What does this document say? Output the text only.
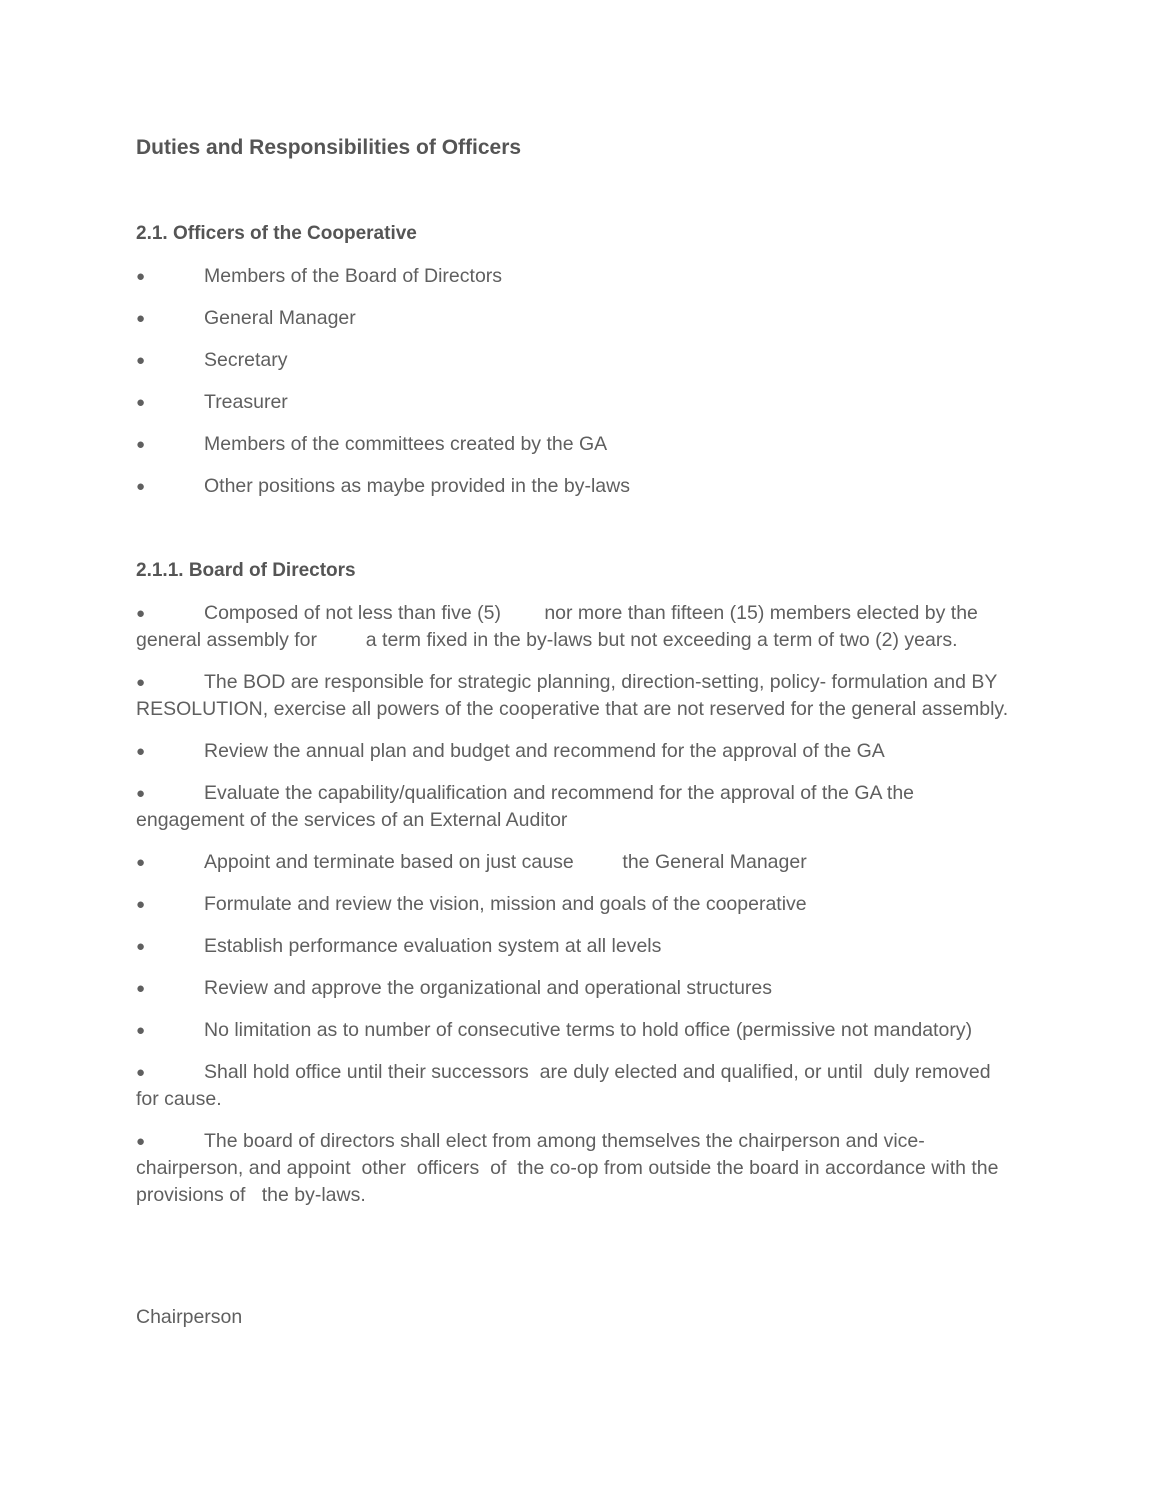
Duties and Responsibilities of Officers
2.1. Officers of the Cooperative
●	Members of the Board of Directors
●	General Manager
●	Secretary
●	Treasurer
●	Members of the committees created by the GA
●	Other positions as maybe provided in the by-laws
2.1.1. Board of Directors
●	Composed of not less than five (5)        nor more than fifteen (15) members elected by the general assembly for         a term fixed in the by-laws but not exceeding a term of two (2) years.
●	The BOD are responsible for strategic planning, direction-setting, policy- formulation and BY RESOLUTION, exercise all powers of the cooperative that are not reserved for the general assembly.
●	Review the annual plan and budget and recommend for the approval of the GA
●	Evaluate the capability/qualification and recommend for the approval of the GA the engagement of the services of an External Auditor
●	Appoint and terminate based on just cause         the General Manager
●	Formulate and review the vision, mission and goals of the cooperative
●	Establish performance evaluation system at all levels
●	Review and approve the organizational and operational structures
●	No limitation as to number of consecutive terms to hold office (permissive not mandatory)
●	Shall hold office until their successors  are duly elected and qualified, or until  duly removed       for cause.
●	The board of directors shall elect from among themselves the chairperson and vice-chairperson, and appoint  other  officers  of  the co-op from outside the board in accordance with the provisions of   the by-laws.
Chairperson
